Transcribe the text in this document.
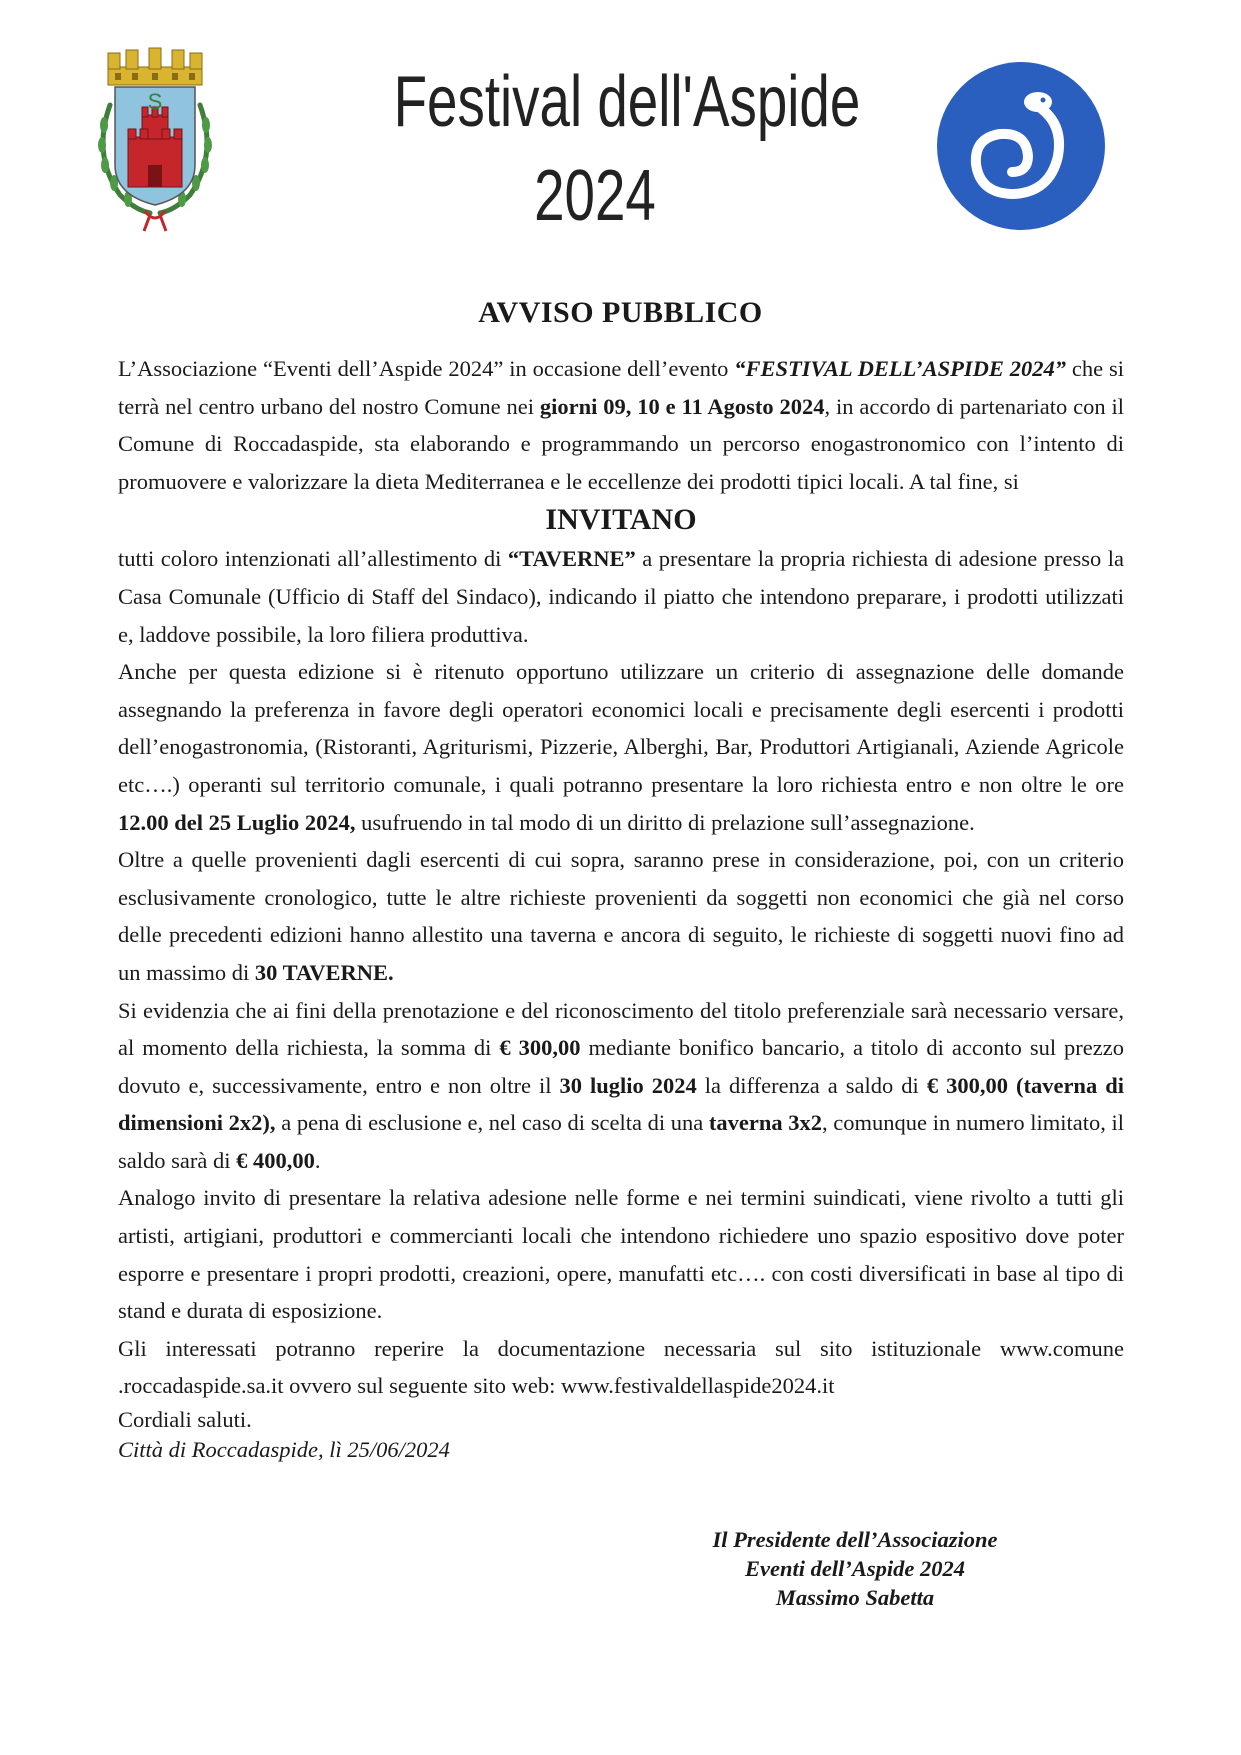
S	Festival dell'Aspide
2024
AVVISO PUBBLICO

L’Associazione “Eventi dell’Aspide 2024” in occasione dell’evento “FESTIVAL DELL’ASPIDE 2024” che si terrà nel centro urbano del nostro Comune nei giorni 09, 10 e 11 Agosto 2024, in accordo di partenariato con il Comune di Roccadaspide, sta elaborando e programmando un percorso enogastronomico con l’intento di promuovere e valorizzare la dieta Mediterranea e le eccellenze dei prodotti tipici locali. A tal fine, si

INVITANO

tutti coloro intenzionati all’allestimento di “TAVERNE” a presentare la propria richiesta di adesione presso la Casa Comunale (Ufficio di Staff del Sindaco), indicando il piatto che intendono preparare, i prodotti utilizzati e, laddove possibile, la loro filiera produttiva.

Anche per questa edizione si è ritenuto opportuno utilizzare un criterio di assegnazione delle domande assegnando la preferenza in favore degli operatori economici locali e precisamente degli esercenti i prodotti dell’enogastronomia, (Ristoranti, Agriturismi, Pizzerie, Alberghi, Bar, Produttori Artigianali, Aziende Agricole etc….) operanti sul territorio comunale, i quali potranno presentare la loro richiesta entro e non oltre le ore 12.00 del 25 Luglio 2024, usufruendo in tal modo di un diritto di prelazione sull’assegnazione.

Oltre a quelle provenienti dagli esercenti di cui sopra, saranno prese in considerazione, poi, con un criterio esclusivamente cronologico, tutte le altre richieste provenienti da soggetti non economici che già nel corso delle precedenti edizioni hanno allestito una taverna e ancora di seguito, le richieste di soggetti nuovi fino ad un massimo di 30 TAVERNE.

Si evidenzia che ai fini della prenotazione e del riconoscimento del titolo preferenziale sarà necessario versare, al momento della richiesta, la somma di € 300,00 mediante bonifico bancario, a titolo di acconto sul prezzo dovuto e, successivamente, entro e non oltre il 30 luglio 2024 la differenza a saldo di € 300,00 (taverna di dimensioni 2x2), a pena di esclusione e, nel caso di scelta di una taverna 3x2, comunque in numero limitato, il saldo sarà di € 400,00.

Analogo invito di presentare la relativa adesione nelle forme e nei termini suindicati, viene rivolto a tutti gli artisti, artigiani, produttori e commercianti locali che intendono richiedere uno spazio espositivo dove poter esporre e presentare i propri prodotti, creazioni, opere, manufatti etc…. con costi diversificati in base al tipo di stand e durata di esposizione.

Gli interessati potranno reperire la documentazione necessaria sul sito istituzionale www.comune .roccadaspide.sa.it ovvero sul seguente sito web: www.festivaldellaspide2024.it

Cordiali saluti.

Città di Roccadaspide, lì 25/06/2024

Il Presidente dell’Associazione
Eventi dell’Aspide 2024
Massimo Sabetta
